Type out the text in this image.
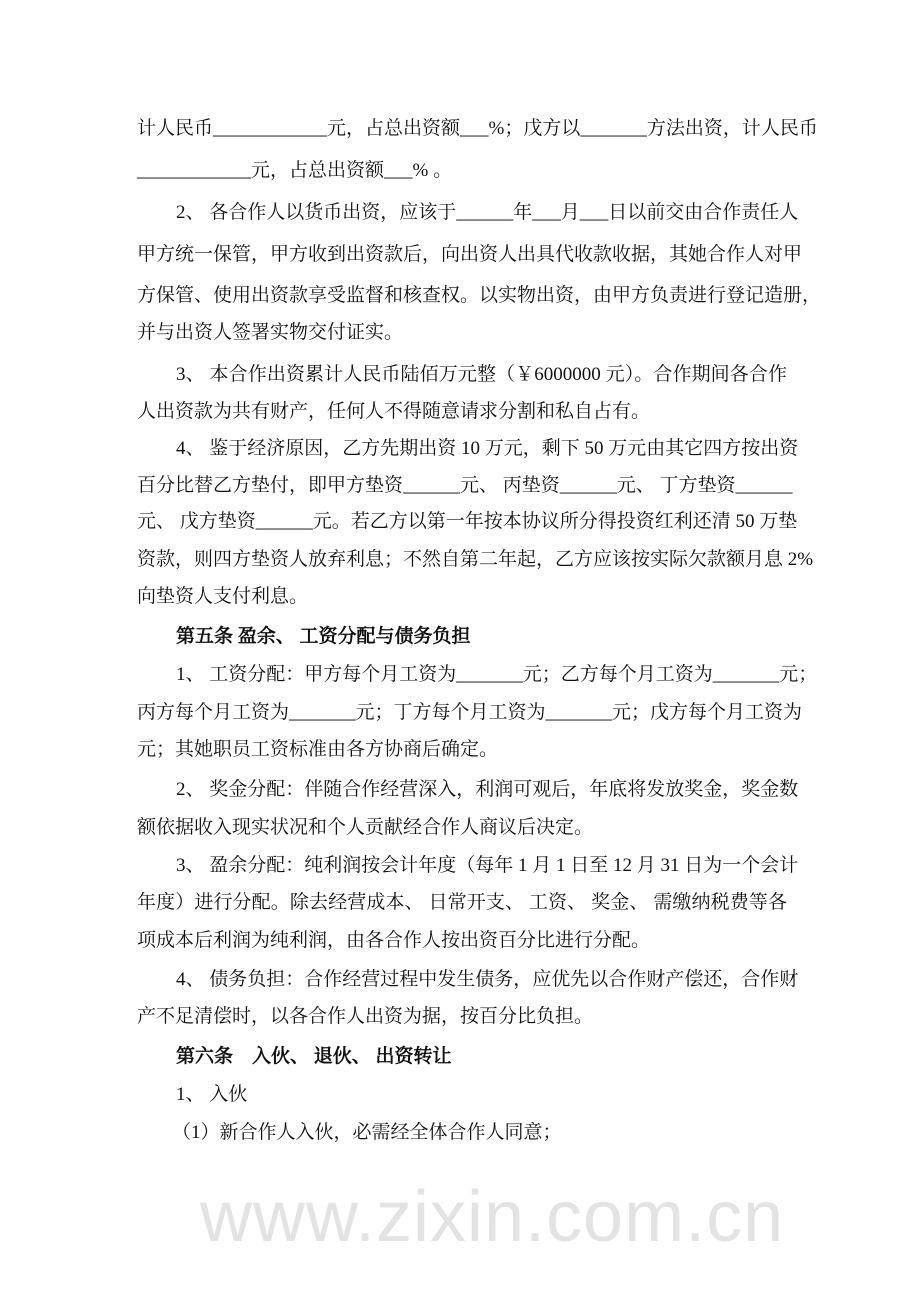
www.zixin.com.cn
计人民币____________元，占总出资额___%；戊方以_______方法出资，计人民币
____________元，占总出资额___% 。
2、 各合作人以货币出资，应该于______年___月___日以前交由合作责任人
甲方统一保管，甲方收到出资款后，向出资人出具代收款收据，其她合作人对甲
方保管、使用出资款享受监督和核查权。以实物出资，由甲方负责进行登记造册，
并与出资人签署实物交付证实。
3、 本合作出资累计人民币陆佰万元整（￥6000000 元）。合作期间各合作
人出资款为共有财产，任何人不得随意请求分割和私自占有。
4、 鉴于经济原因，乙方先期出资 10 万元，剩下 50 万元由其它四方按出资
百分比替乙方垫付，即甲方垫资______元、 丙垫资______元、 丁方垫资______
元、 戊方垫资______元。若乙方以第一年按本协议所分得投资红利还清 50 万垫
资款，则四方垫资人放弃利息；不然自第二年起，乙方应该按实际欠款额月息 2%
向垫资人支付利息。
第五条 盈余、 工资分配与债务负担
1、 工资分配：甲方每个月工资为_______元；乙方每个月工资为_______元；
丙方每个月工资为_______元；丁方每个月工资为_______元；戊方每个月工资为
元；其她职员工资标准由各方协商后确定。
2、 奖金分配：伴随合作经营深入，利润可观后，年底将发放奖金，奖金数
额依据收入现实状况和个人贡献经合作人商议后决定。
3、 盈余分配：纯利润按会计年度（每年 1 月 1 日至 12 月 31 日为一个会计
年度）进行分配。除去经营成本、 日常开支、 工资、 奖金、 需缴纳税费等各
项成本后利润为纯利润，由各合作人按出资百分比进行分配。
4、 债务负担：合作经营过程中发生债务，应优先以合作财产偿还，合作财
产不足清偿时，以各合作人出资为据，按百分比负担。
第六条　入伙、 退伙、 出资转让
1、 入伙
（1）新合作人入伙，必需经全体合作人同意；
